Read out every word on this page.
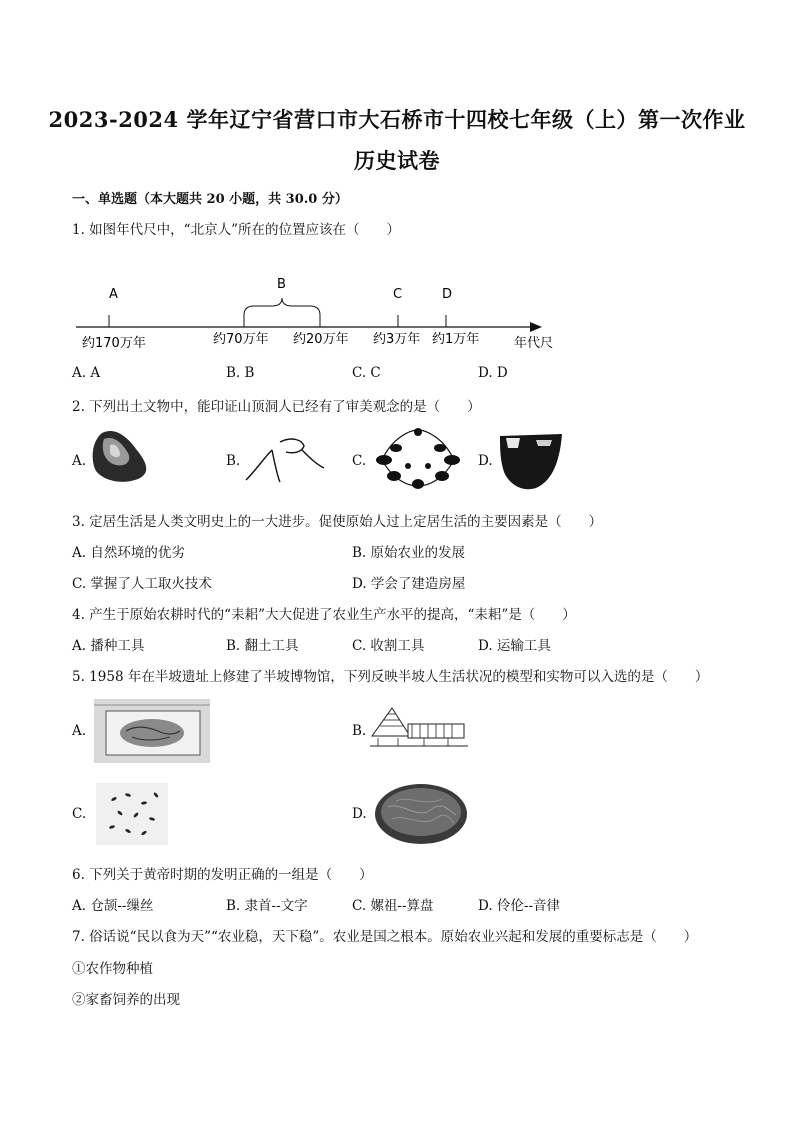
2023-2024 学年辽宁省营口市大石桥市十四校七年级（上）第一次作业
历史试卷
一、单选题（本大题共 20 小题，共 30.0 分）
1. 如图年代尺中，“北京人”所在的位置应该在（　　）
A
B
C	D
约170万年	约70万年 约20万年 约3万年 约1万年	年代尺
A. A	B. B	C. C	D. D
2. 下列出土文物中，能印证山顶洞人已经有了审美观念的是（　　）
A.	B.	C.	D.
3. 定居生活是人类文明史上的一大进步。促使原始人过上定居生活的主要因素是（　　）
A. 自然环境的优劣	B. 原始农业的发展
C. 掌握了人工取火技术	D. 学会了建造房屋
4. 产生于原始农耕时代的“耒耜”大大促进了农业生产水平的提高，“耒耜”是（　　）
A. 播种工具	B. 翻土工具	C. 收割工具	D. 运输工具
5. 1958 年在半坡遗址上修建了半坡博物馆，下列反映半坡人生活状况的模型和实物可以入选的是（　　）
A.	B.
C.	D.
6. 下列关于黄帝时期的发明正确的一组是（　　）
A. 仓颉--缫丝	B. 隶首--文字	C. 嫘祖--算盘	D. 伶伦--音律
7. 俗话说“民以食为天”“农业稳，天下稳”。农业是国之根本。原始农业兴起和发展的重要标志是（　　）
①农作物种植
②家畜饲养的出现
